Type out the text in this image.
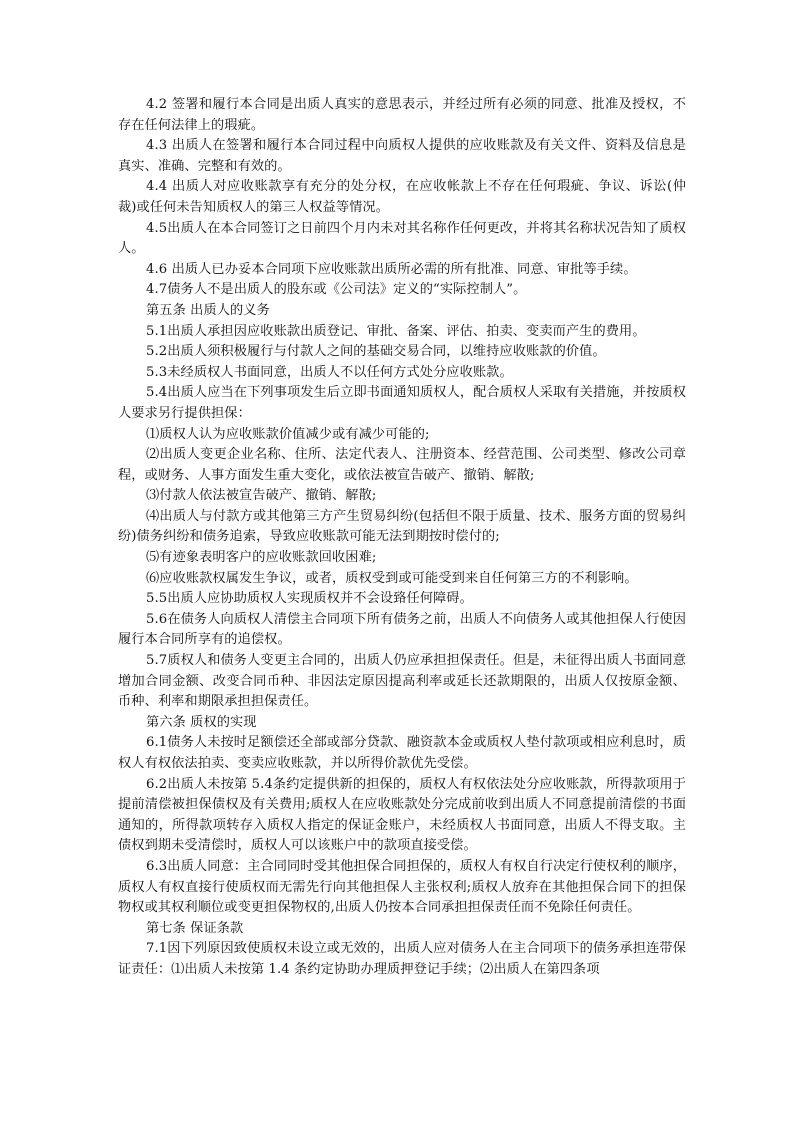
4.2 签署和履行本合同是出质人真实的意思表示，并经过所有必须的同意、批准及授权，不存在任何法律上的瑕疵。

4.3 出质人在签署和履行本合同过程中向质权人提供的应收账款及有关文件、资料及信息是真实、准确、完整和有效的。

4.4 出质人对应收账款享有充分的处分权，在应收帐款上不存在任何瑕疵、争议、诉讼(仲裁)或任何未告知质权人的第三人权益等情况。

4.5出质人在本合同签订之日前四个月内未对其名称作任何更改，并将其名称状况告知了质权人。

4.6 出质人已办妥本合同项下应收账款出质所必需的所有批准、同意、审批等手续。

4.7债务人不是出质人的股东或《公司法》定义的“实际控制人”。

第五条 出质人的义务

5.1出质人承担因应收账款出质登记、审批、备案、评估、拍卖、变卖而产生的费用。

5.2出质人须积极履行与付款人之间的基础交易合同，以维持应收账款的价值。

5.3未经质权人书面同意，出质人不以任何方式处分应收账款。

5.4出质人应当在下列事项发生后立即书面通知质权人，配合质权人采取有关措施，并按质权人要求另行提供担保：

⑴质权人认为应收账款价值减少或有减少可能的;

⑵出质人变更企业名称、住所、法定代表人、注册资本、经营范围、公司类型、修改公司章程，或财务、人事方面发生重大变化，或依法被宣告破产、撤销、解散;

⑶付款人依法被宣告破产、撤销、解散;

⑷出质人与付款方或其他第三方产生贸易纠纷(包括但不限于质量、技术、服务方面的贸易纠纷)债务纠纷和债务追索，导致应收账款可能无法到期按时偿付的;

⑸有迹象表明客户的应收账款回收困难;

⑹应收账款权属发生争议，或者，质权受到或可能受到来自任何第三方的不利影响。

5.5出质人应协助质权人实现质权并不会设臵任何障碍。

5.6在债务人向质权人清偿主合同项下所有债务之前，出质人不向债务人或其他担保人行使因履行本合同所享有的追偿权。

5.7质权人和债务人变更主合同的，出质人仍应承担担保责任。但是，未征得出质人书面同意增加合同金额、改变合同币种、非因法定原因提高利率或延长还款期限的，出质人仅按原金额、币种、利率和期限承担担保责任。

第六条 质权的实现

6.1债务人未按时足额偿还全部或部分贷款、融资款本金或质权人垫付款项或相应利息时，质权人有权依法拍卖、变卖应收账款，并以所得价款优先受偿。

6.2出质人未按第 5.4条约定提供新的担保的，质权人有权依法处分应收账款，所得款项用于提前清偿被担保债权及有关费用;质权人在应收账款处分完成前收到出质人不同意提前清偿的书面通知的，所得款项转存入质权人指定的保证金账户，未经质权人书面同意，出质人不得支取。主债权到期未受清偿时，质权人可以该账户中的款项直接受偿。

6.3出质人同意：主合同同时受其他担保合同担保的，质权人有权自行决定行使权利的顺序，质权人有权直接行使质权而无需先行向其他担保人主张权利;质权人放弃在其他担保合同下的担保物权或其权利顺位或变更担保物权的,出质人仍按本合同承担担保责任而不免除任何责任。

第七条 保证条款

7.1因下列原因致使质权未设立或无效的，出质人应对债务人在主合同项下的债务承担连带保证责任：⑴出质人未按第 1.4 条约定协助办理质押登记手续；⑵出质人在第四条项
